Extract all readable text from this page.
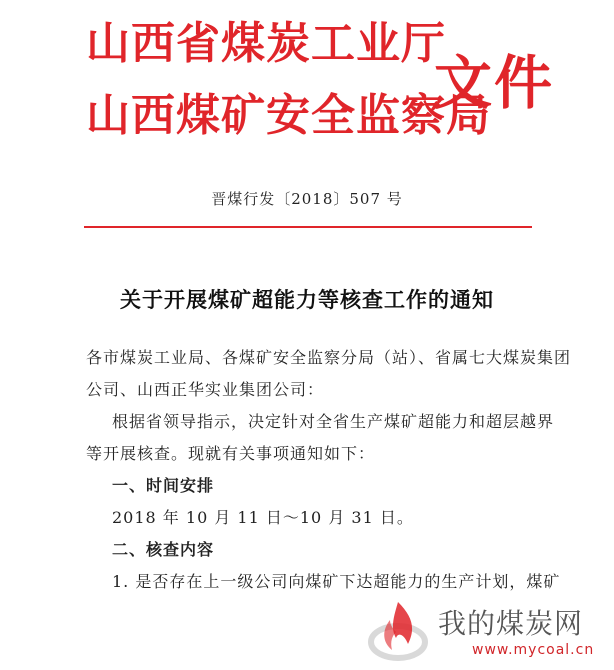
山西省煤炭工业厅
山西煤矿安全监察局
文件
晋煤行发〔2018〕507 号
关于开展煤矿超能力等核查工作的通知
各市煤炭工业局、各煤矿安全监察分局（站）、省属七大煤炭集团
公司、山西正华实业集团公司：
根据省领导指示，决定针对全省生产煤矿超能力和超层越界
等开展核查。现就有关事项通知如下：
一、时间安排
2018 年 10 月 11 日～10 月 31 日。
二、核查内容
1. 是否存在上一级公司向煤矿下达超能力的生产计划，煤矿
我的煤炭网
www.mycoal.cn
